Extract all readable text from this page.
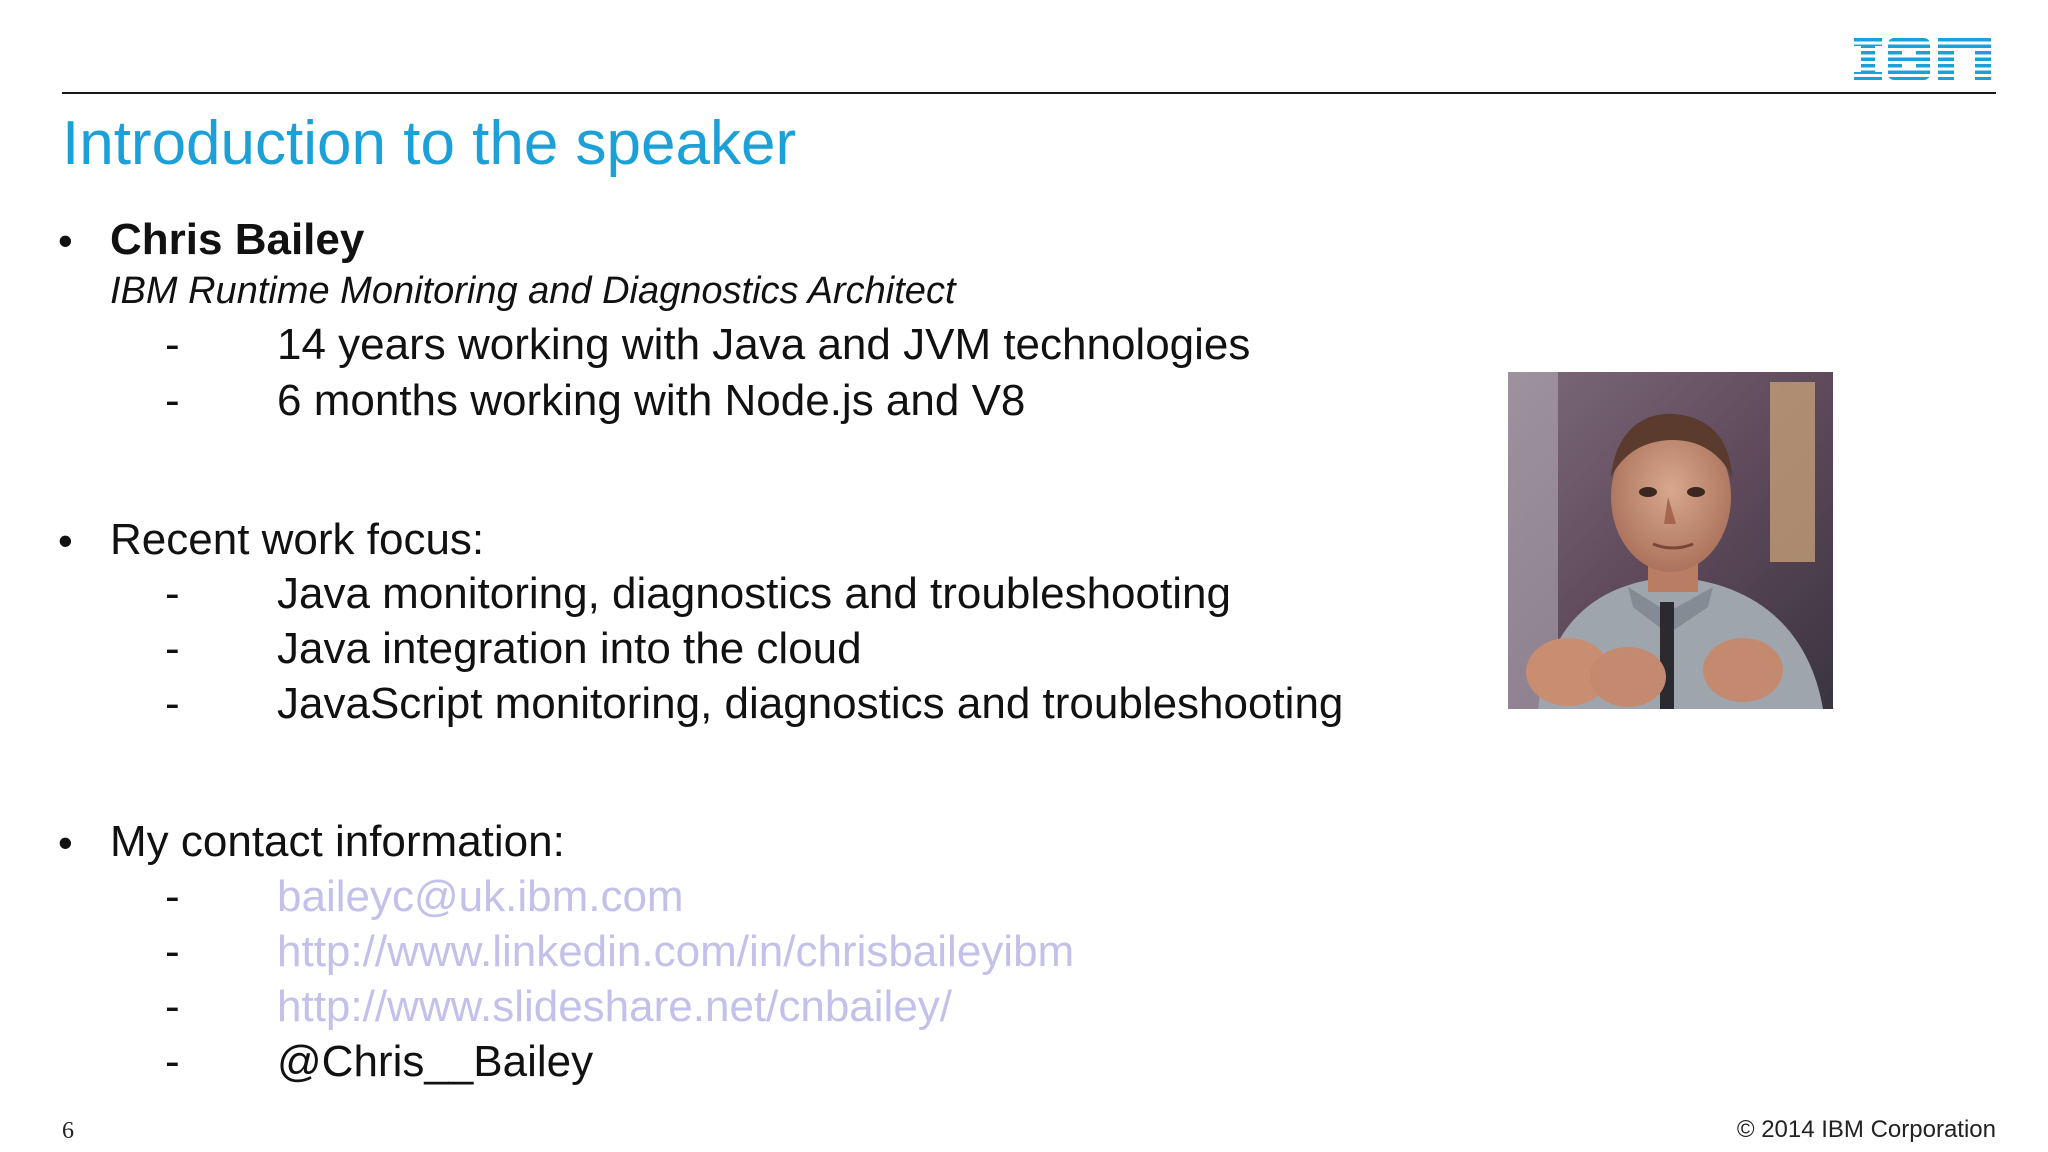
Introduction to the speaker
• Chris Bailey
IBM Runtime Monitoring and Diagnostics Architect
- 14 years working with Java and JVM technologies
- 6 months working with Node.js and V8
• Recent work focus:
- Java monitoring, diagnostics and troubleshooting
- Java integration into the cloud
- JavaScript monitoring, diagnostics and troubleshooting
• My contact information:
- baileyc@uk.ibm.com
- http://www.linkedin.com/in/chrisbaileyibm
- http://www.slideshare.net/cnbailey/
- @Chris__Bailey
6	© 2014 IBM Corporation
